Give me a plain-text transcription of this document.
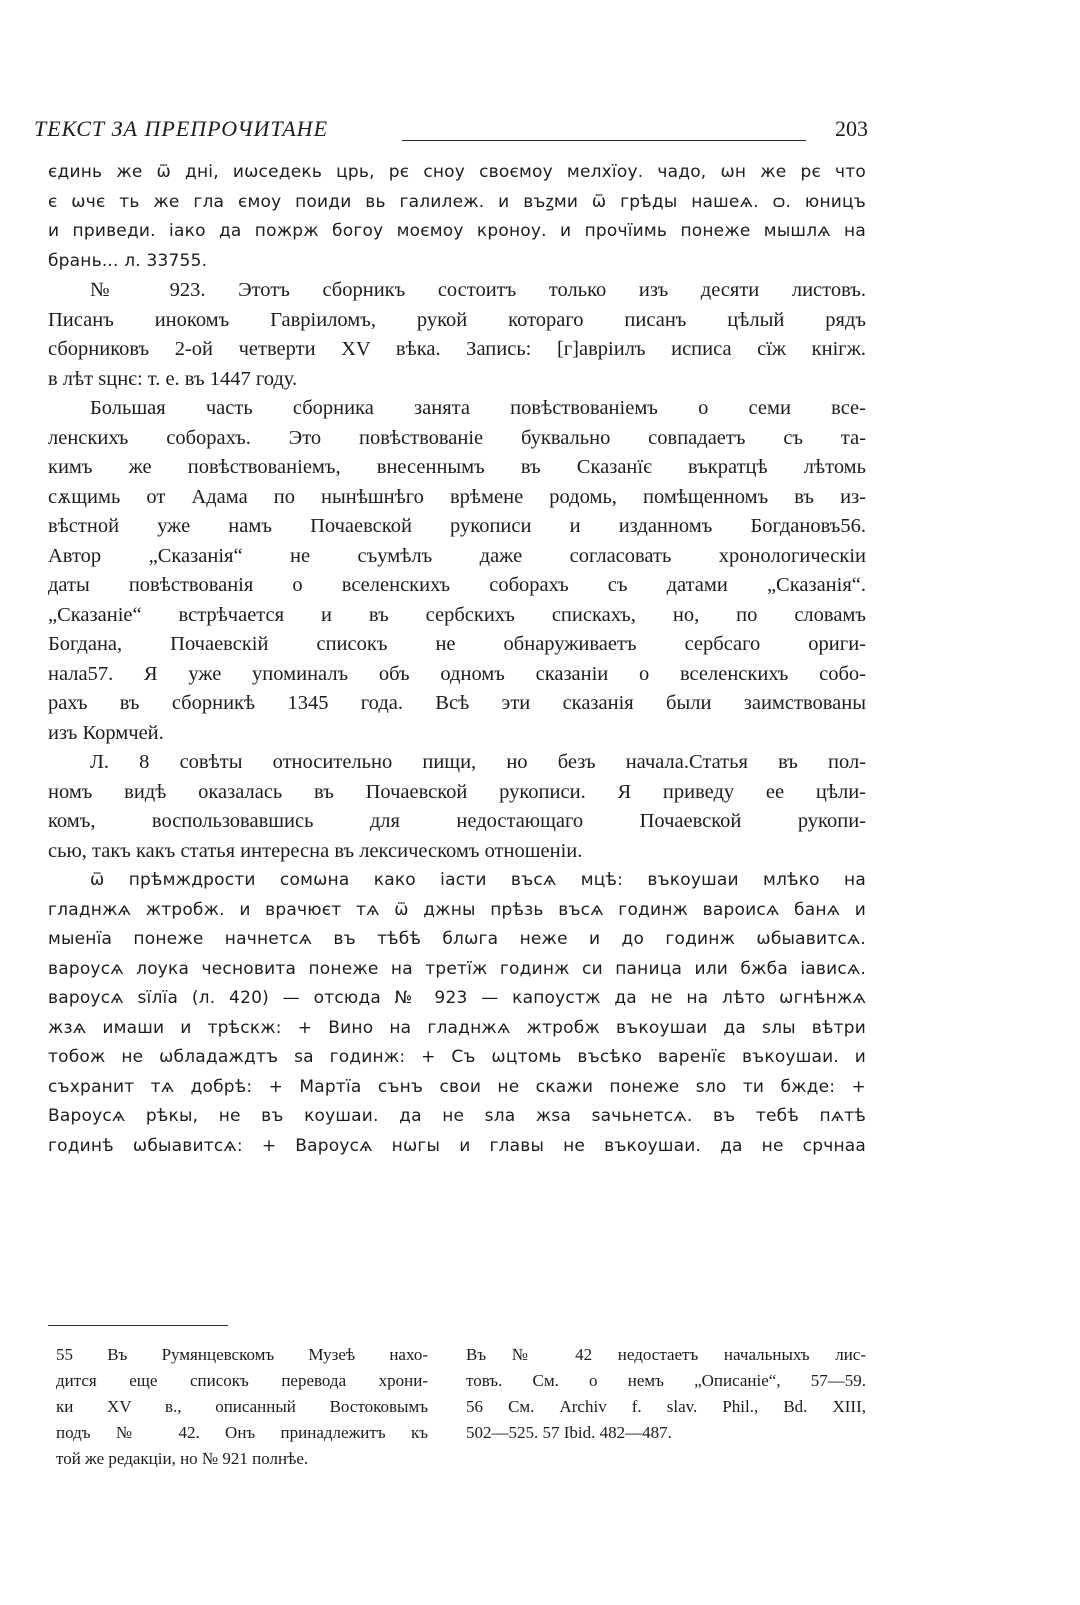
ТЕКСТ ЗА ПРЕПРОЧИТАНЕ	203
єдинь же ѿ дні, иѡседекь црь, рє сноу своємоу мелхїоу. чадо, ѡн же рє что
є ѡчє ть же гла ємоу поиди вь галилеж. и въꙁми ѿ грѣды нашеѧ. ѻ. юницъ
и приведи. іако да пожрж богоу моємоу кроноу. и прочїимь понеже мышлѧ на
брань... л. 33755.
№ 923. Этотъ сборникъ состоитъ только изъ десяти листовъ.
Писанъ инокомъ Гавріиломъ, рукой котораго писанъ цѣлый рядъ
сборниковъ 2-ой четверти XV вѣка. Запись: [г]авріилъ исписа сїж кнігж.
в лѣт ѕцнє: т. е. въ 1447 году.
Большая часть сборника занята повѣствованіемъ о семи все-
ленскихъ соборахъ. Это повѣствованіе буквально совпадаетъ съ та-
кимъ же повѣствованіемъ, внесеннымъ въ Сказанїє въкратцѣ лѣтомь
сѫщимь от Адама по нынѣшнѣго врѣмене родомь, помѣщенномъ въ из-
вѣстной уже намъ Почаевской рукописи и изданномъ Богдановъ56.
Автор „Сказанія“ не съумѣлъ даже согласовать хронологическіи
даты повѣствованія о вселенскихъ соборахъ съ датами „Сказанія“.
„Сказаніе“ встрѣчается и въ сербскихъ спискахъ, но, по словамъ
Богдана, Почаевскій списокъ не обнаруживаетъ сербсаго ориги-
нала57. Я уже упоминалъ объ одномъ сказаніи о вселенскихъ собо-
рахъ въ сборникѣ 1345 года. Всѣ эти сказанія были заимствованы
изъ Кормчей.
Л. 8 совѣты относительно пищи, но безъ начала.Статья въ пол-
номъ видѣ оказалась въ Почаевской рукописи. Я приведу ее цѣли-
комъ, воспользовавшись для недостающаго Почаевской рукопи-
сью, такъ какъ статья интересна въ лексическомъ отношеніи.
ѿ прѣмждрости сомѡна како іасти въсѧ мцѣ: въкоушаи млѣко на
гладнжѧ жтробж. и врачюєт тѧ ѿ джны прѣзь въсѧ годинж вароисѧ банѧ и
мыенїа понеже начнетсѧ въ тѣбѣ блѡга неже и до годинж ѡбыавитсѧ.
вароусѧ лоука чесновита понеже на третїж годинж си паница или бжба іависѧ.
вароусѧ ѕїлїа (л. 420) — отсюда № 923 — капоустж да не на лѣто ѡгнѣнжѧ
жзѧ имаши и трѣскж: + Вино на гладнжѧ жтробж въкоушаи да ѕлы вѣтри
тобож не ѡбладаждтъ ѕа годинж: + Съ ѡцтомь въсѣко варенїє въкоушаи. и
съхранит тѧ добрѣ: + Мартїа сънъ свои не скажи понеже ѕло ти бжде: +
Вароусѧ рѣкы, не въ коушаи. да не ѕла жѕа ѕачьнетсѧ. въ тебѣ пѧтѣ
годинѣ ѡбыавитсѧ: + Вароусѧ нѡгы и главы не въкоушаи. да не срчнаа
55 Въ Румянцевскомъ Музеѣ нахо-
дится еще списокъ перевода хрони-
ки XV в., описанный Востоковымъ
подъ № 42. Онъ принадлежитъ къ
той же редакціи, но № 921 полнѣе.
Въ № 42 недостаетъ начальныхъ лис-
товъ. См. о немъ „Описаніе“, 57—59.
56 См. Archiv f. slav. Phil., Bd. XIII,
502—525. 57 Ibid. 482—487.
